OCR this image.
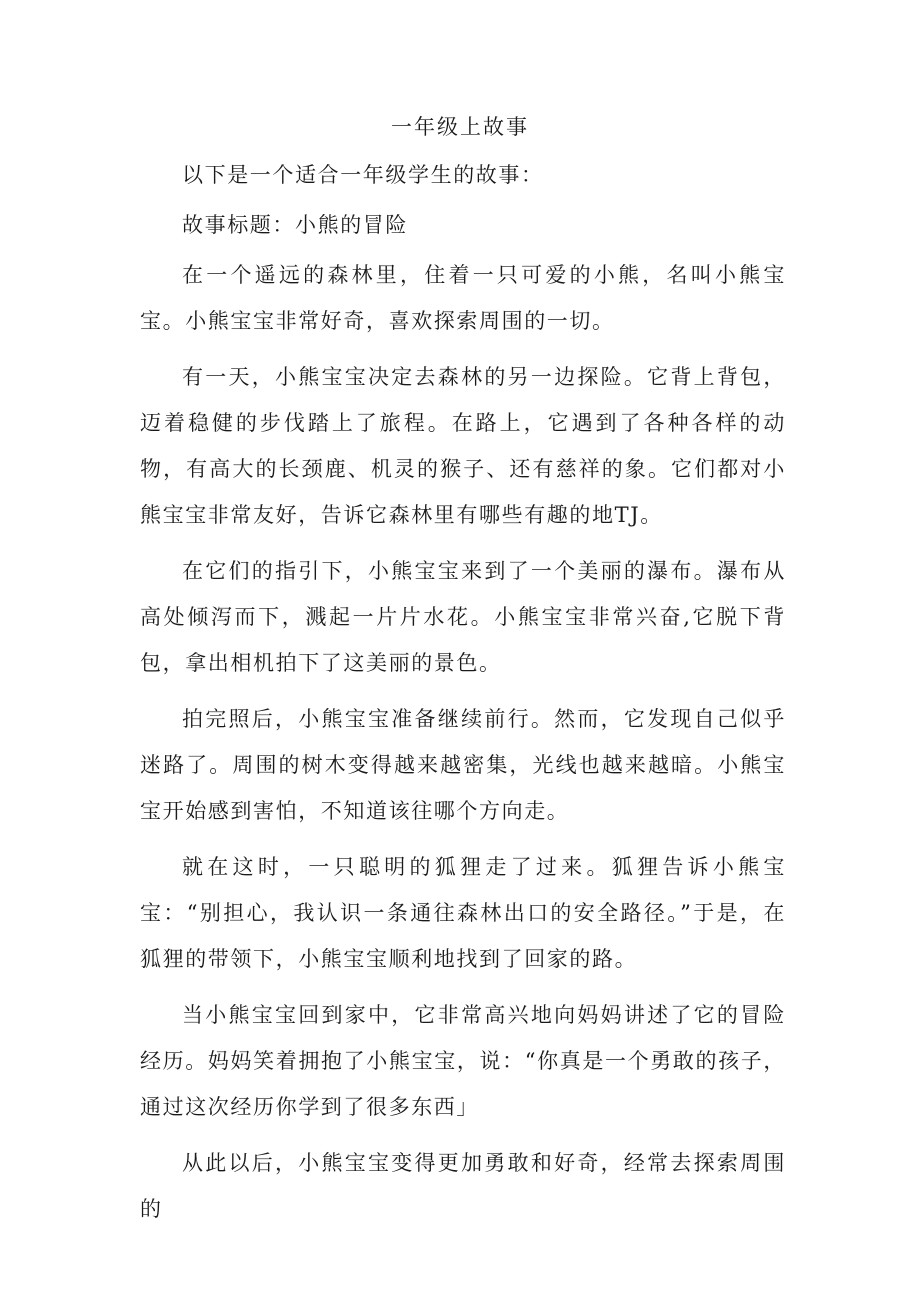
一年级上故事

以下是一个适合一年级学生的故事：

故事标题：小熊的冒险

在一个遥远的森林里，住着一只可爱的小熊，名叫小熊宝宝。小熊宝宝非常好奇，喜欢探索周围的一切。

有一天，小熊宝宝决定去森林的另一边探险。它背上背包，迈着稳健的步伐踏上了旅程。在路上，它遇到了各种各样的动物，有高大的长颈鹿、机灵的猴子、还有慈祥的象。它们都对小熊宝宝非常友好，告诉它森林里有哪些有趣的地TJ。

在它们的指引下，小熊宝宝来到了一个美丽的瀑布。瀑布从高处倾泻而下，溅起一片片水花。小熊宝宝非常兴奋,它脱下背包，拿出相机拍下了这美丽的景色。

拍完照后，小熊宝宝准备继续前行。然而，它发现自己似乎迷路了。周围的树木变得越来越密集，光线也越来越暗。小熊宝宝开始感到害怕，不知道该往哪个方向走。

就在这时，一只聪明的狐狸走了过来。狐狸告诉小熊宝宝：“别担心，我认识一条通往森林出口的安全路径。”于是，在狐狸的带领下，小熊宝宝顺利地找到了回家的路。

当小熊宝宝回到家中，它非常高兴地向妈妈讲述了它的冒险经历。妈妈笑着拥抱了小熊宝宝，说：“你真是一个勇敢的孩子，通过这次经历你学到了很多东西」

从此以后，小熊宝宝变得更加勇敢和好奇，经常去探索周围的
